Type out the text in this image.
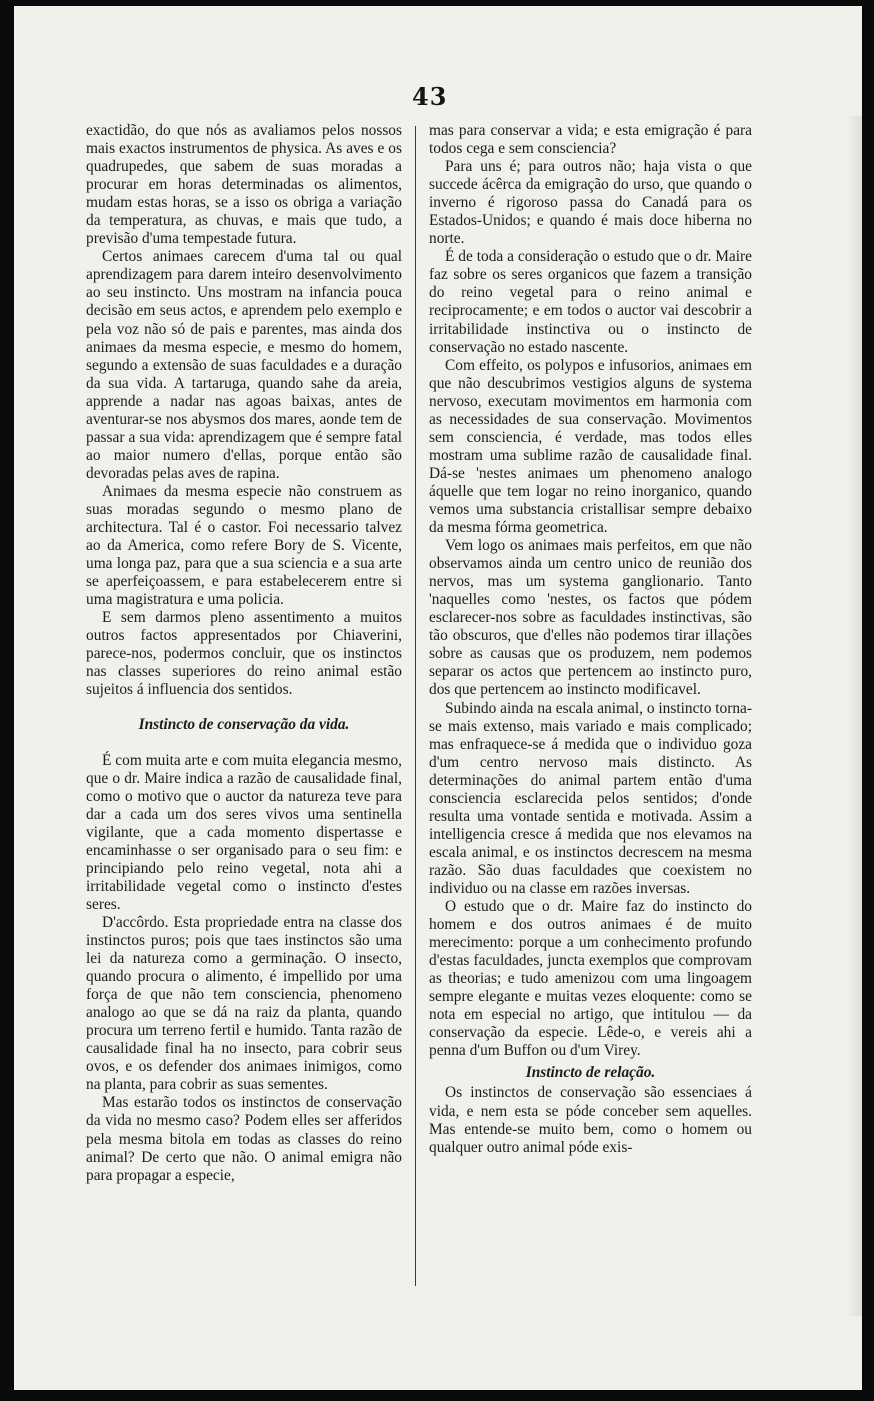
43

exactidão, do que nós as avaliamos pelos nossos mais exactos instrumentos de physica. As aves e os quadrupedes, que sabem de suas moradas a procurar em horas determinadas os alimentos, mudam estas horas, se a isso os obriga a variação da temperatura, as chuvas, e mais que tudo, a previsão d'uma tempestade futura.

Certos animaes carecem d'uma tal ou qual aprendizagem para darem inteiro desenvolvimento ao seu instincto. Uns mostram na infancia pouca decisão em seus actos, e aprendem pelo exemplo e pela voz não só de pais e parentes, mas ainda dos animaes da mesma especie, e mesmo do homem, segundo a extensão de suas faculdades e a duração da sua vida. A tartaruga, quando sahe da areia, apprende a nadar nas agoas baixas, antes de aventurar-se nos abysmos dos mares, aonde tem de passar a sua vida: aprendizagem que é sempre fatal ao maior numero d'ellas, porque então são devoradas pelas aves de rapina.

Animaes da mesma especie não construem as suas moradas segundo o mesmo plano de architectura. Tal é o castor. Foi necessario talvez ao da America, como refere Bory de S. Vicente, uma longa paz, para que a sua sciencia e a sua arte se aperfeiçoassem, e para estabelecerem entre si uma magistratura e uma policia.

E sem darmos pleno assentimento a muitos outros factos appresentados por Chiaverini, parece-nos, podermos concluir, que os instinctos nas classes superiores do reino animal estão sujeitos á influencia dos sentidos.

Instincto de conservação da vida.

É com muita arte e com muita elegancia mesmo, que o dr. Maire indica a razão de causalidade final, como o motivo que o auctor da natureza teve para dar a cada um dos seres vivos uma sentinella vigilante, que a cada momento dispertasse e encaminhasse o ser organisado para o seu fim: e principiando pelo reino vegetal, nota ahi a irritabilidade vegetal como o instincto d'estes seres.

D'accôrdo. Esta propriedade entra na classe dos instinctos puros; pois que taes instinctos são uma lei da natureza como a germinação. O insecto, quando procura o alimento, é impellido por uma força de que não tem consciencia, phenomeno analogo ao que se dá na raiz da planta, quando procura um terreno fertil e humido. Tanta razão de causalidade final ha no insecto, para cobrir seus ovos, e os defender dos animaes inimigos, como na planta, para cobrir as suas sementes.

Mas estarão todos os instinctos de conservação da vida no mesmo caso? Podem elles ser afferidos pela mesma bitola em todas as classes do reino animal? De certo que não. O animal emigra não para propagar a especie,

mas para conservar a vida; e esta emigração é para todos cega e sem consciencia?

Para uns é; para outros não; haja vista o que succede ácêrca da emigração do urso, que quando o inverno é rigoroso passa do Canadá para os Estados-Unidos; e quando é mais doce hiberna no norte.

É de toda a consideração o estudo que o dr. Maire faz sobre os seres organicos que fazem a transição do reino vegetal para o reino animal e reciprocamente; e em todos o auctor vai descobrir a irritabilidade instinctiva ou o instincto de conservação no estado nascente.

Com effeito, os polypos e infusorios, animaes em que não descubrimos vestigios alguns de systema nervoso, executam movimentos em harmonia com as necessidades de sua conservação. Movimentos sem consciencia, é verdade, mas todos elles mostram uma sublime razão de causalidade final. Dá-se 'nestes animaes um phenomeno analogo áquelle que tem logar no reino inorganico, quando vemos uma substancia cristallisar sempre debaixo da mesma fórma geometrica.

Vem logo os animaes mais perfeitos, em que não observamos ainda um centro unico de reunião dos nervos, mas um systema ganglionario. Tanto 'naquelles como 'nestes, os factos que pódem esclarecer-nos sobre as faculdades instinctivas, são tão obscuros, que d'elles não podemos tirar illações sobre as causas que os produzem, nem podemos separar os actos que pertencem ao instincto puro, dos que pertencem ao instincto modificavel.

Subindo ainda na escala animal, o instincto torna-se mais extenso, mais variado e mais complicado; mas enfraquece-se á medida que o individuo goza d'um centro nervoso mais distincto. As determinações do animal partem então d'uma consciencia esclarecida pelos sentidos; d'onde resulta uma vontade sentida e motivada. Assim a intelligencia cresce á medida que nos elevamos na escala animal, e os instinctos decrescem na mesma razão. São duas faculdades que coexistem no individuo ou na classe em razões inversas.

O estudo que o dr. Maire faz do instincto do homem e dos outros animaes é de muito merecimento: porque a um conhecimento profundo d'estas faculdades, juncta exemplos que comprovam as theorias; e tudo amenizou com uma lingoagem sempre elegante e muitas vezes eloquente: como se nota em especial no artigo, que intitulou — da conservação da especie. Lêde-o, e vereis ahi a penna d'um Buffon ou d'um Virey.

Instincto de relação.

Os instinctos de conservação são essenciaes á vida, e nem esta se póde conceber sem aquelles. Mas entende-se muito bem, como o homem ou qualquer outro animal póde exis-
